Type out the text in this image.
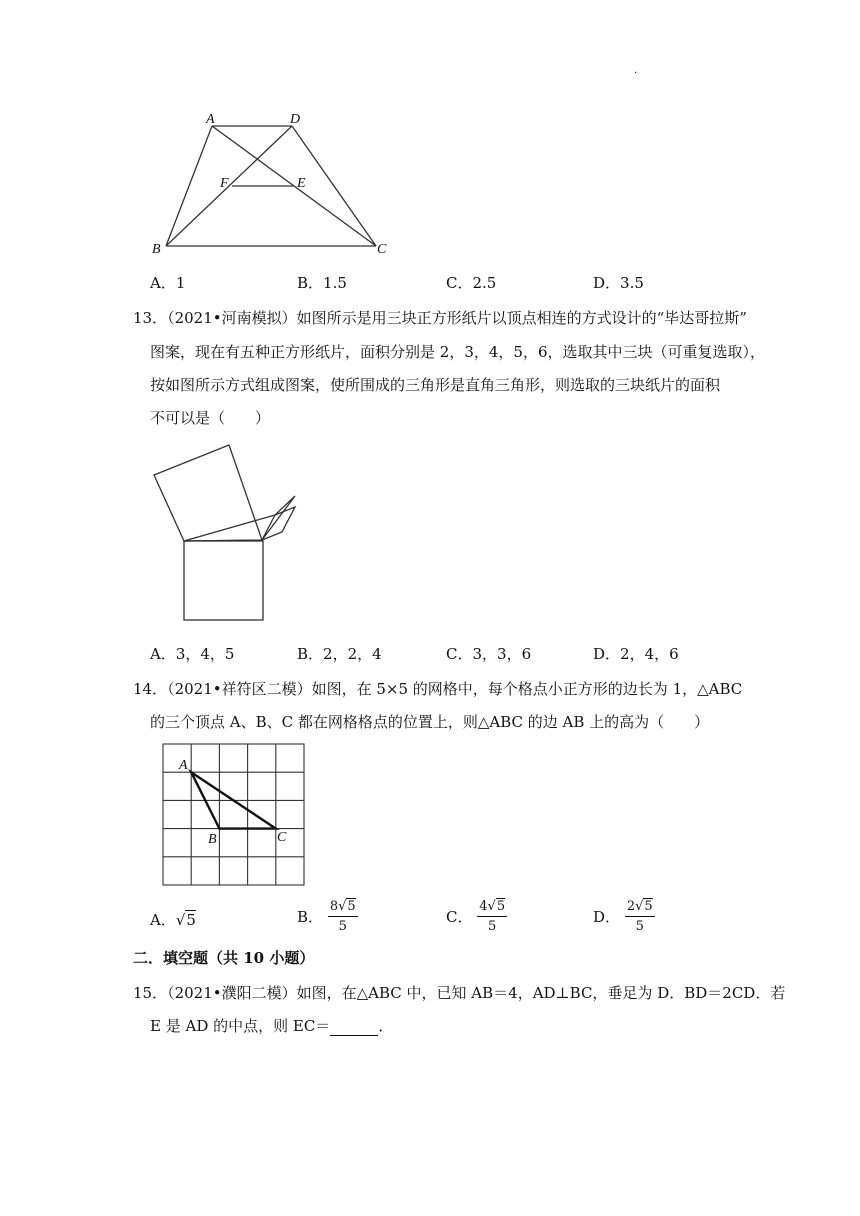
·
A	D
F	E
B	C
A．1	B．1.5	C．2.5	D．3.5
13．（2021•河南模拟）如图所示是用三块正方形纸片以顶点相连的方式设计的“毕达哥拉斯”
图案，现在有五种正方形纸片，面积分别是 2，3，4，5，6，选取其中三块（可重复选取），
按如图所示方式组成图案，使所围成的三角形是直角三角形，则选取的三块纸片的面积
不可以是（　　）
A．3，4，5	B．2，2，4	C．3，3，6	D．2，4，6
14．（2021•祥符区二模）如图，在 5×5 的网格中，每个格点小正方形的边长为 1，△ABC
的三个顶点 A、B、C 都在网格格点的位置上，则△ABC 的边 AB 上的高为（　　）
A
B	C
A．√5	B． $\frac{8√5}{5}$	C． $\frac{4√5}{5}$	D． $\frac{2√5}{5}$
二．填空题（共 10 小题）
15．（2021•濮阳二模）如图，在△ABC 中，已知 AB＝4，AD⊥BC，垂足为 D．BD＝2CD．若
E 是 AD 的中点，则 EC＝	．
